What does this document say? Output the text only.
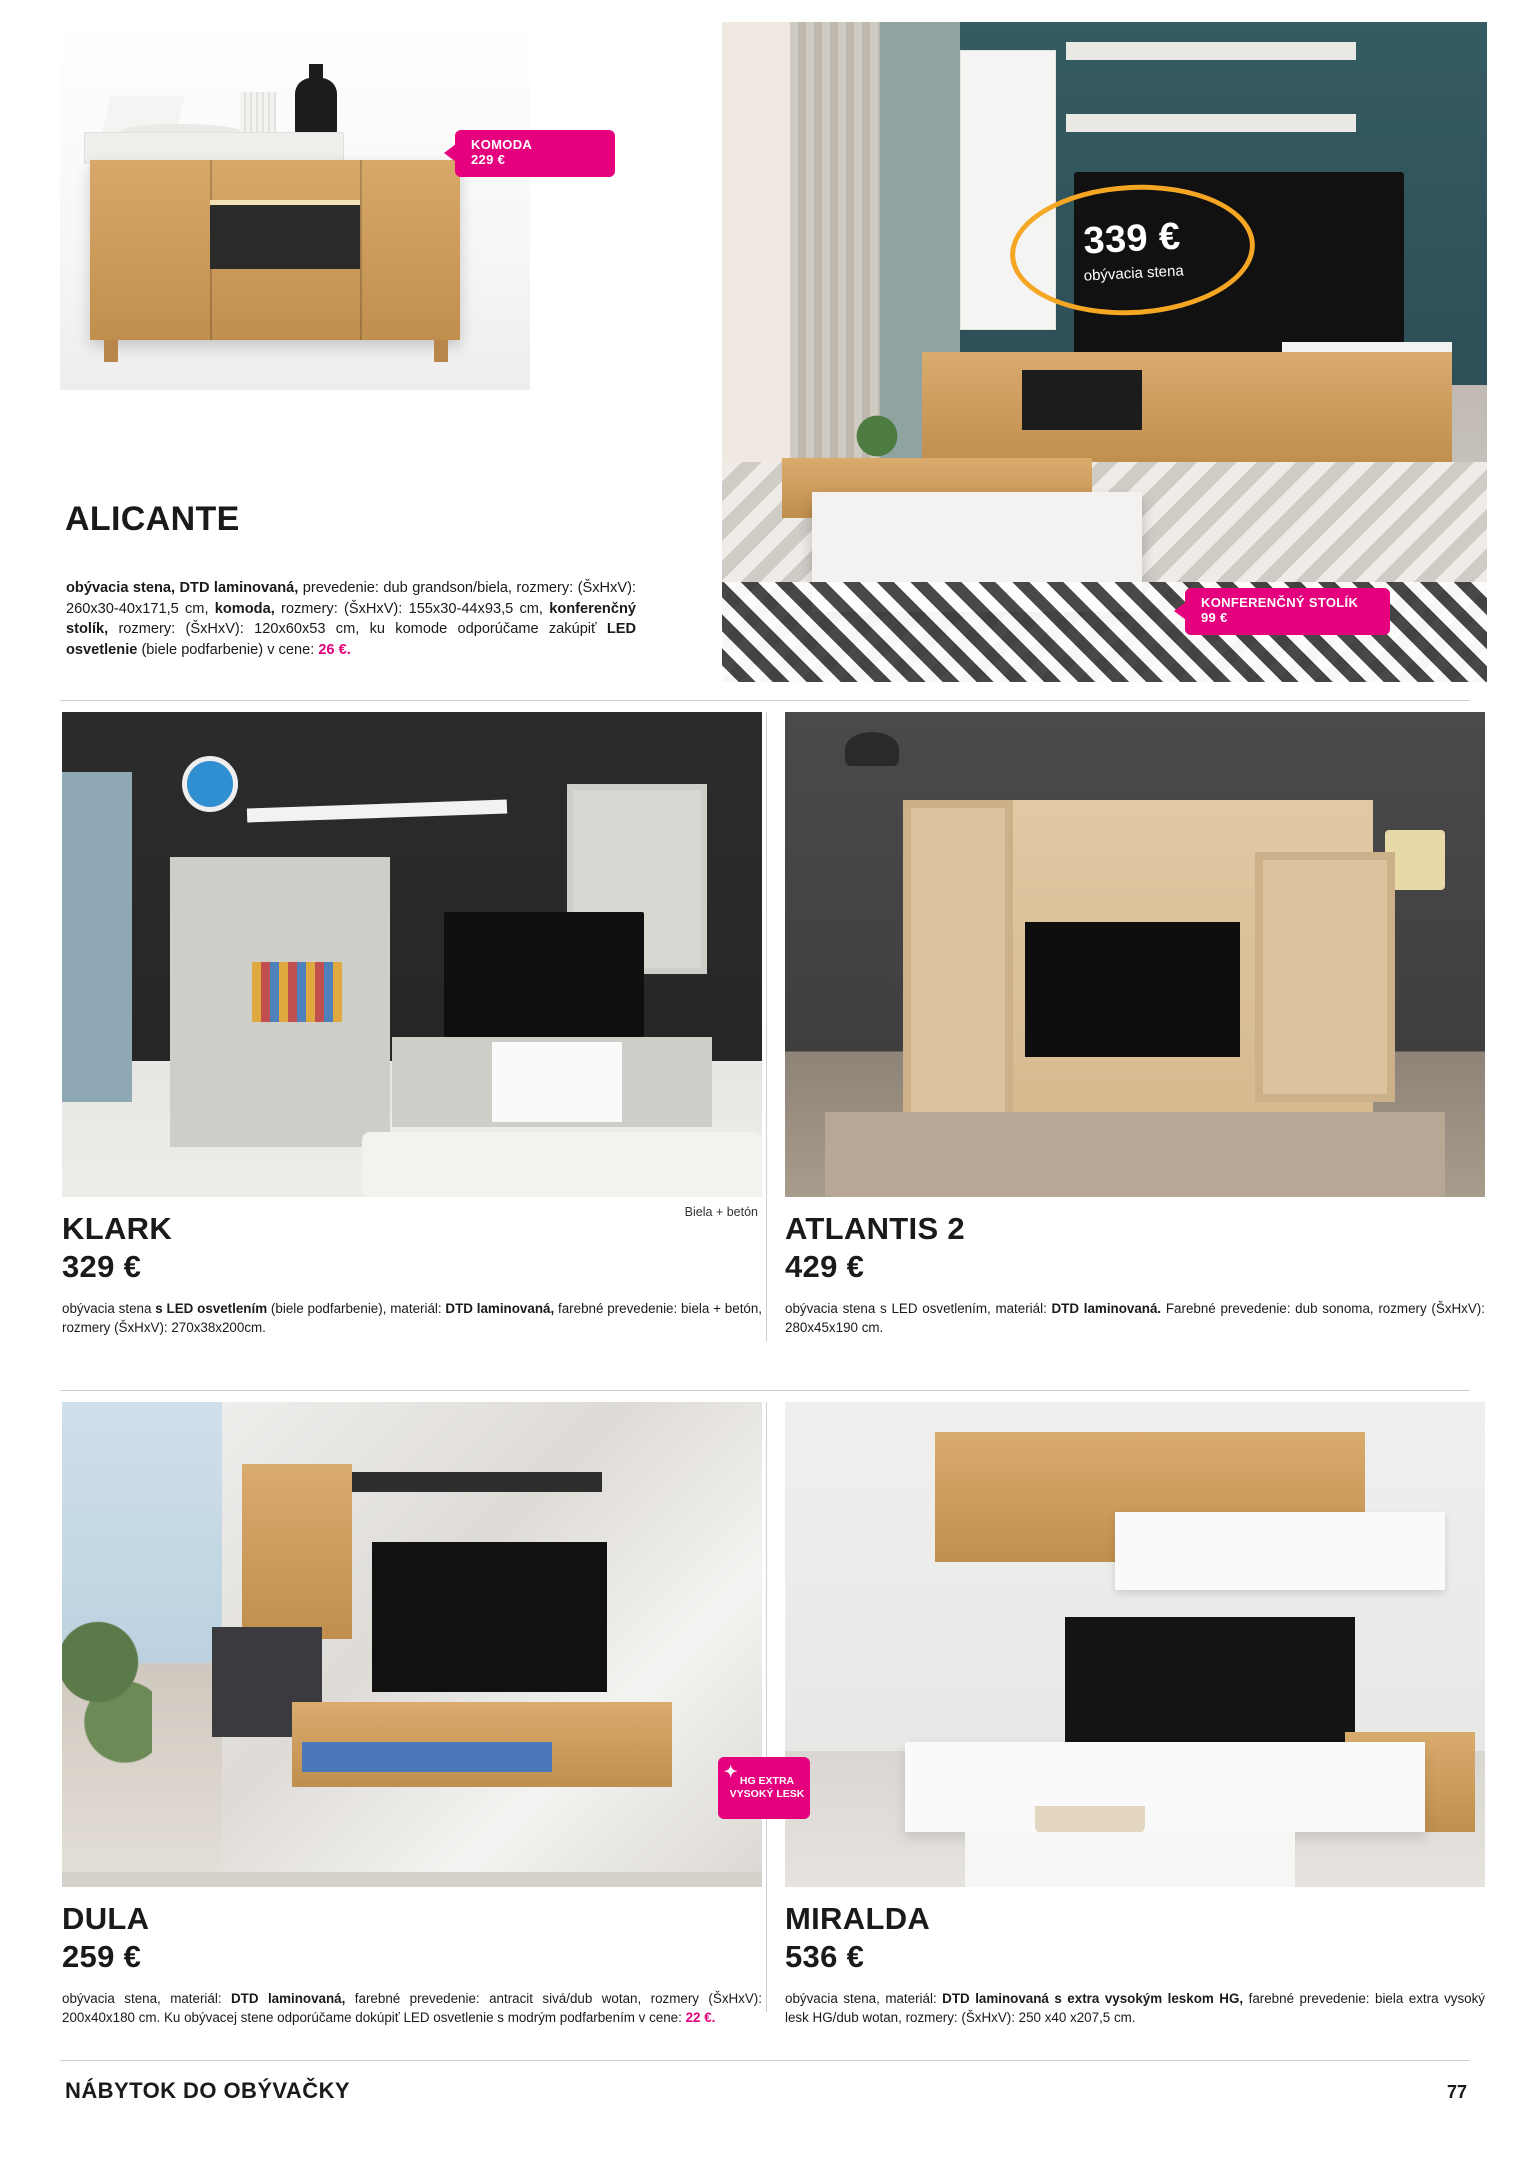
KOMODA
229 €
ALICANTE
obývacia stena, DTD laminovaná, prevedenie: dub grandson/biela, rozmery: (ŠxHxV): 260x30-40x171,5 cm, komoda, rozmery: (ŠxHxV): 155x30-44x93,5 cm, konferenčný stolík, rozmery: (ŠxHxV): 120x60x53 cm, ku komode odporúčame zakúpiť LED osvetlenie (biele podfarbenie) v cene: 26 €.
339 €
obývacia stena
KONFERENČNÝ STOLÍK
99 €
Biela + betón
KLARK
329 €
obývacia stena s LED osvetlením (biele podfarbenie), materiál: DTD laminovaná, farebné prevedenie: biela + betón, rozmery (ŠxHxV): 270x38x200cm.
ATLANTIS 2
429 €
obývacia stena s LED osvetlením, materiál: DTD laminovaná. Farebné prevedenie: dub sonoma, rozmery (ŠxHxV): 280x45x190 cm.
DULA
259 €
obývacia stena, materiál: DTD laminovaná, farebné prevedenie: antracit sivá/dub wotan, rozmery (ŠxHxV): 200x40x180 cm. Ku obývacej stene odporúčame dokúpiť LED osvetlenie s modrým podfarbením v cene: 22 €.
MIRALDA
536 €
obývacia stena, materiál: DTD laminovaná s extra vysokým leskom HG, farebné prevedenie: biela extra vysoký lesk HG/dub wotan, rozmery: (ŠxHxV): 250 x40 x207,5 cm.
✦
HG EXTRA VYSOKÝ LESK
NÁBYTOK DO OBÝVAČKY	77
